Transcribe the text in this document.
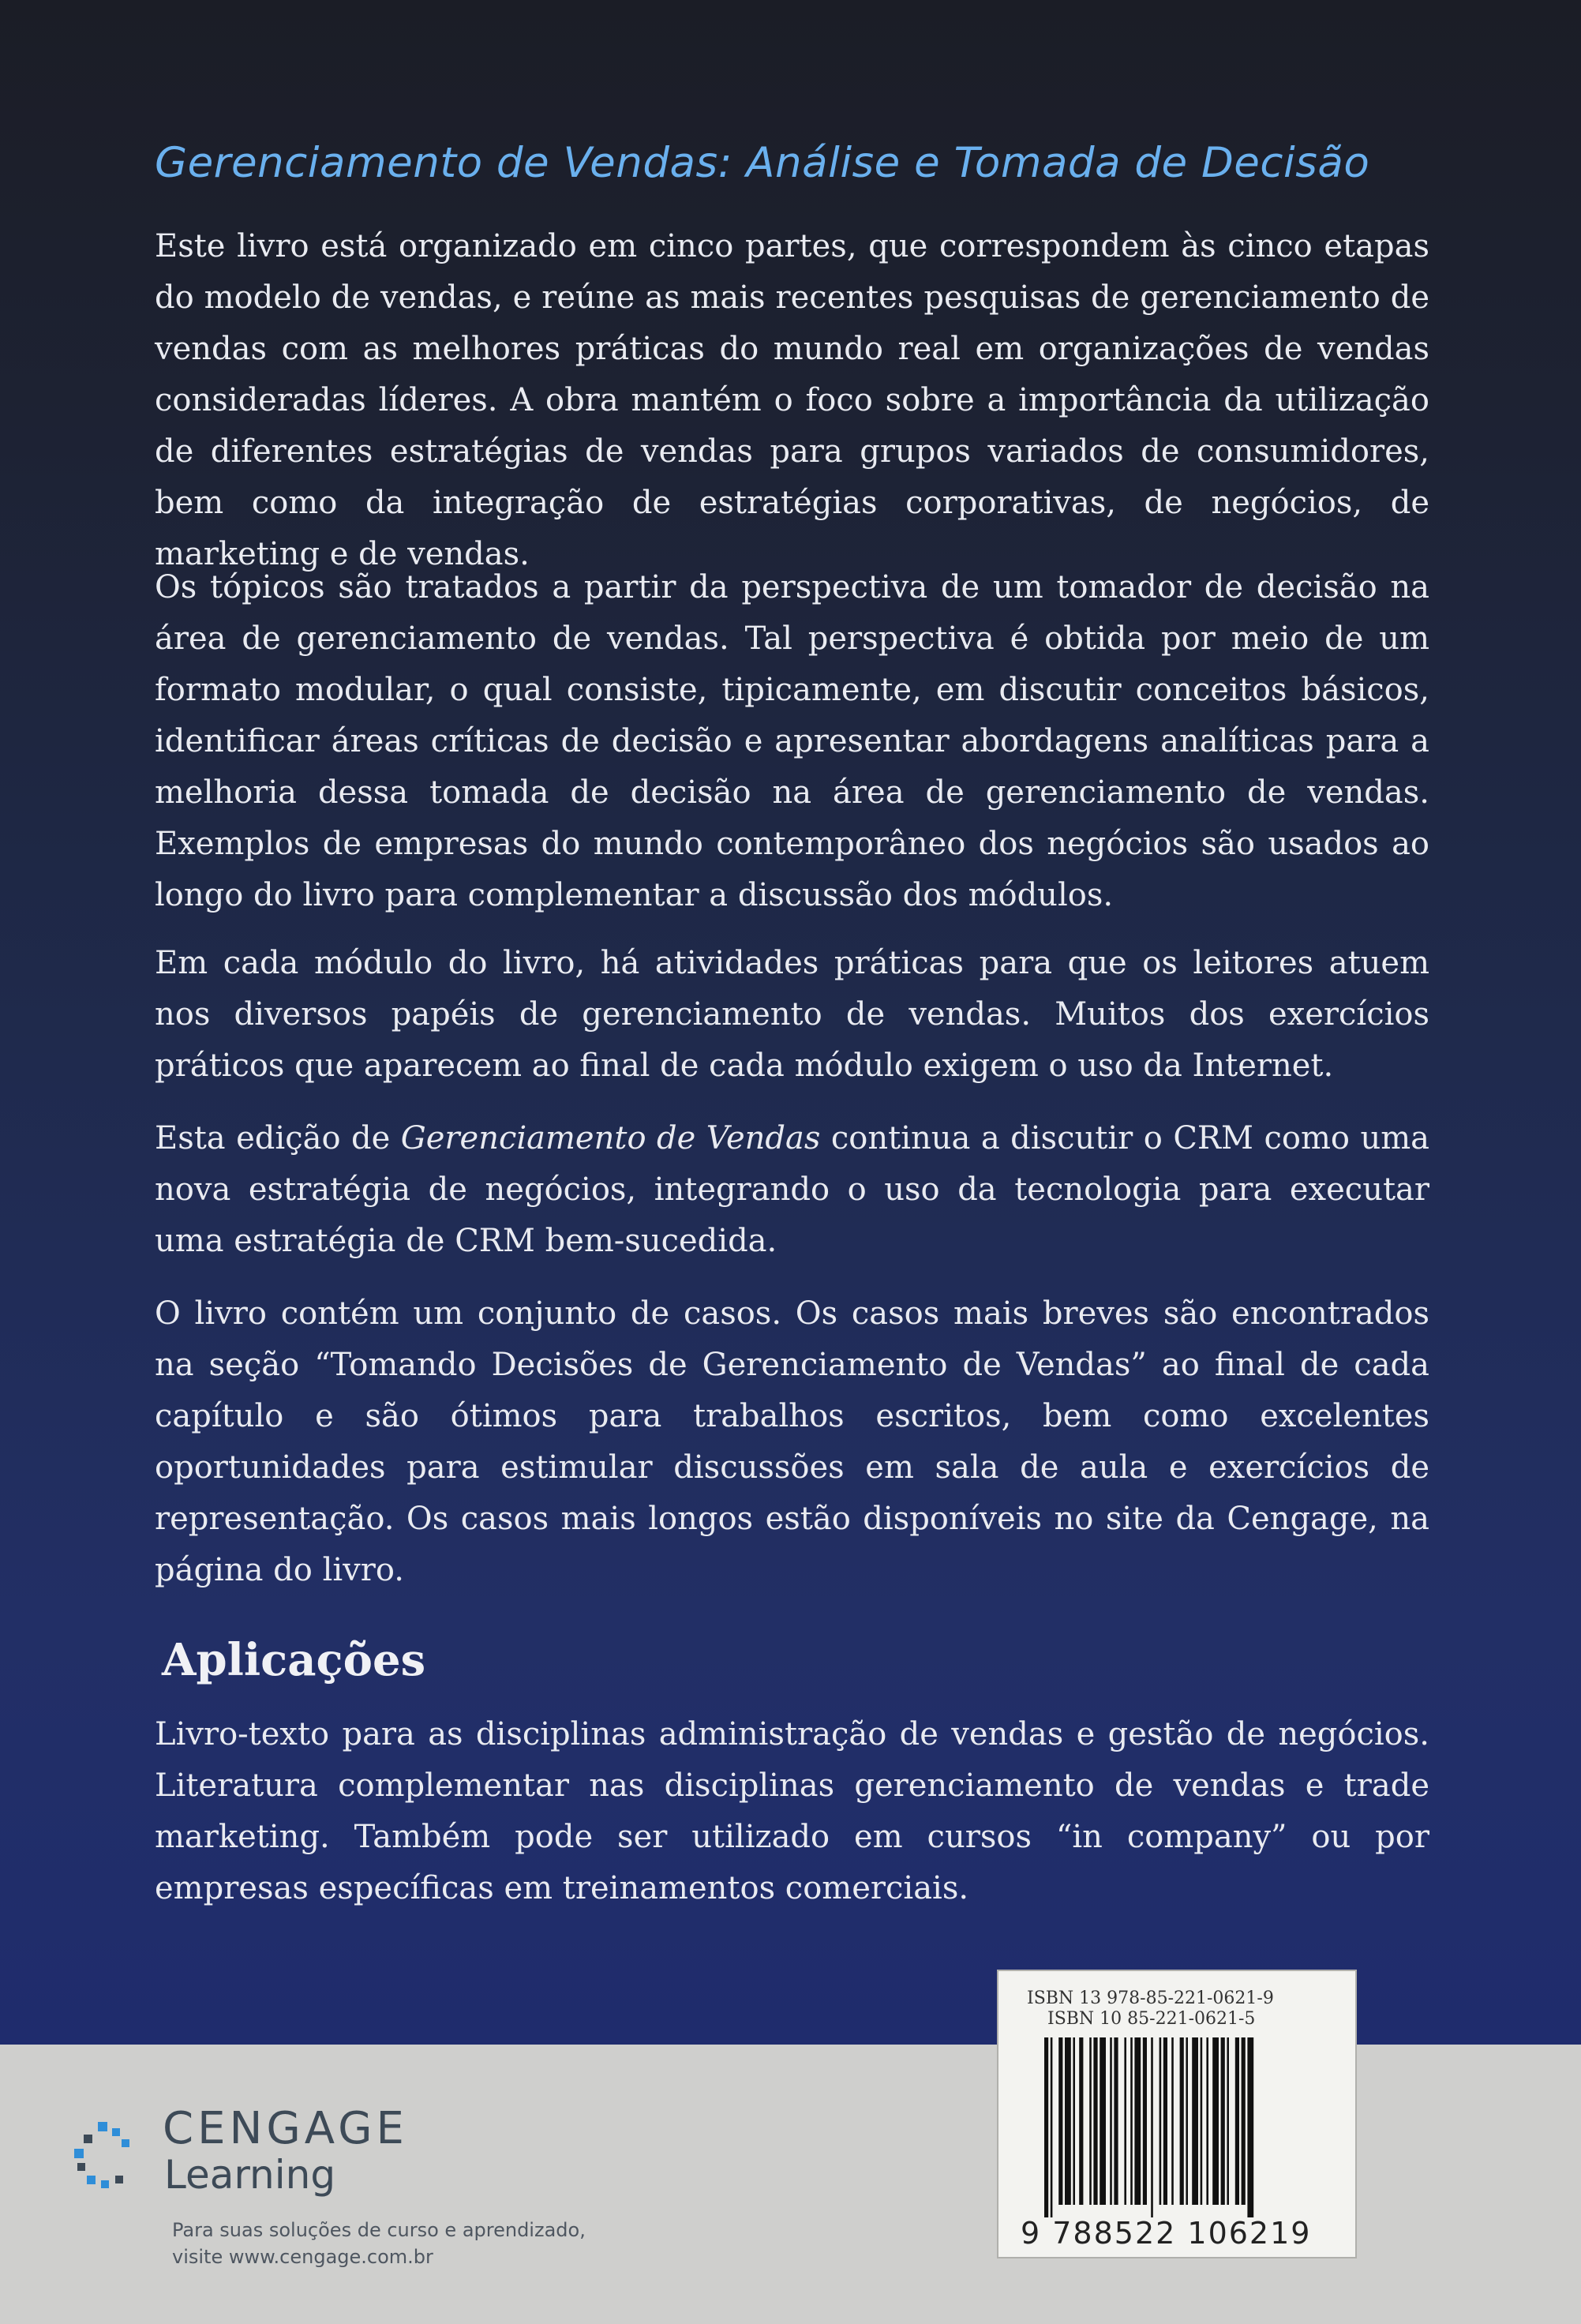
Gerenciamento de Vendas: Análise e Tomada de Decisão

Este livro está organizado em cinco partes, que correspondem às cinco etapas do modelo de vendas, e reúne as mais recentes pesquisas de gerenciamento de vendas com as melhores práticas do mundo real em organizações de vendas consideradas líderes. A obra mantém o foco sobre a importância da utilização de diferentes estratégias de vendas para grupos variados de consumidores, bem como da integração de estratégias corporativas, de negócios, de marketing e de vendas.

Os tópicos são tratados a partir da perspectiva de um tomador de decisão na área de gerenciamento de vendas. Tal perspectiva é obtida por meio de um formato modular, o qual consiste, tipicamente, em discutir conceitos básicos, identificar áreas críticas de decisão e apresentar abordagens analíticas para a melhoria dessa tomada de decisão na área de gerenciamento de vendas. Exemplos de empresas do mundo contemporâneo dos negócios são usados ao longo do livro para complementar a discussão dos módulos.

Em cada módulo do livro, há atividades práticas para que os leitores atuem nos diversos papéis de gerenciamento de vendas. Muitos dos exercícios práticos que aparecem ao final de cada módulo exigem o uso da Internet.

Esta edição de Gerenciamento de Vendas continua a discutir o CRM como uma nova estratégia de negócios, integrando o uso da tecnologia para executar uma estratégia de CRM bem-sucedida.

O livro contém um conjunto de casos. Os casos mais breves são encontrados na seção “Tomando Decisões de Gerenciamento de Vendas” ao final de cada capítulo e são ótimos para trabalhos escritos, bem como excelentes oportunidades para estimular discussões em sala de aula e exercícios de representação. Os casos mais longos estão disponíveis no site da Cengage, na página do livro.

Aplicações

Livro-texto para as disciplinas administração de vendas e gestão de negócios. Literatura complementar nas disciplinas gerenciamento de vendas e trade marketing. Também pode ser utilizado em cursos “in company” ou por empresas específicas em treinamentos comerciais.

CENGAGE
Learning
Para suas soluções de curso e aprendizado,
visite www.cengage.com.br
ISBN 13 978-85-221-0621-9
ISBN 10 85-221-0621-5
9 788522 106219
